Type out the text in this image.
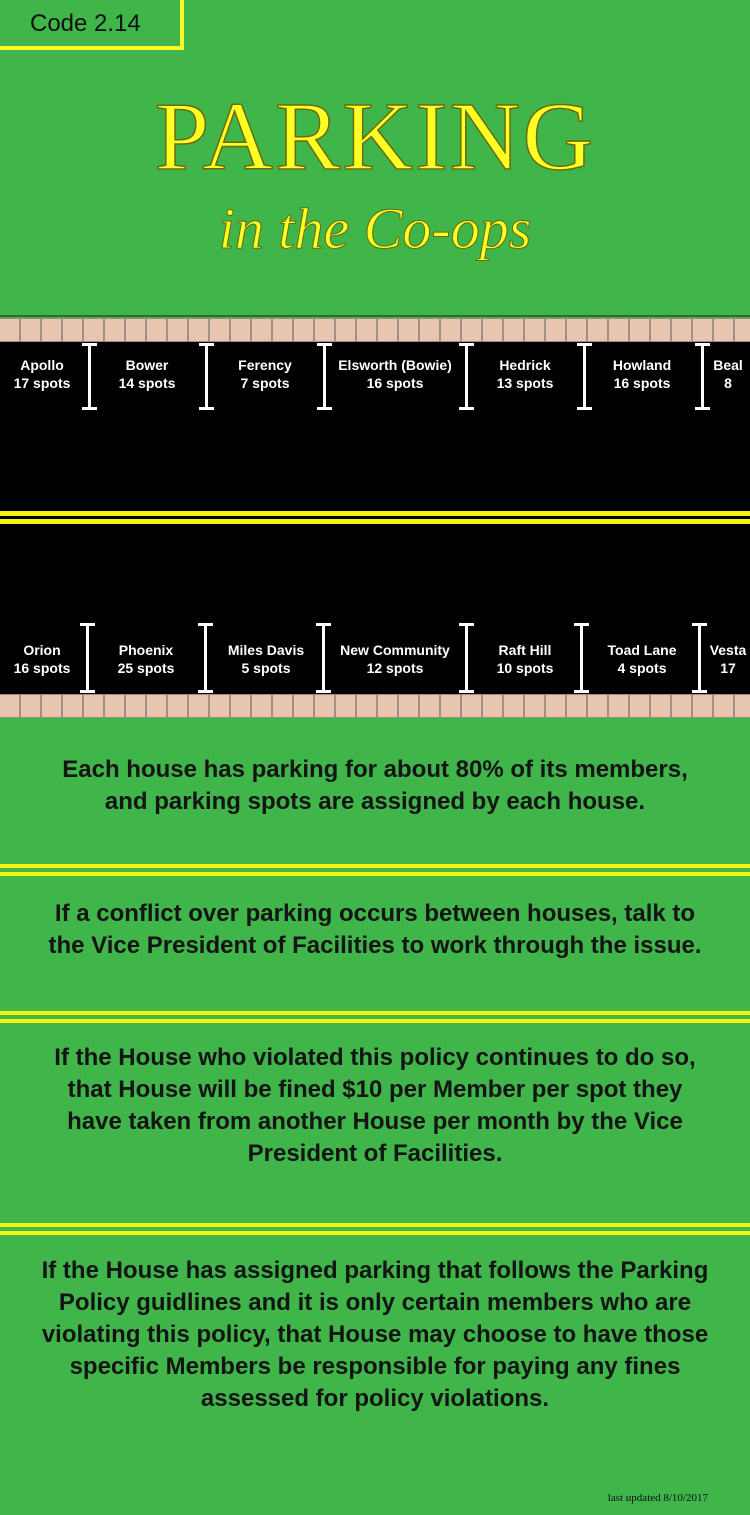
Code 2.14
PARKING
in the Co-ops
Apollo
17 spots
Bower
14 spots
Ferency
7 spots
Elsworth (Bowie)
16 spots
Hedrick
13 spots
Howland
16 spots
Beal
8
Orion
16 spots
Phoenix
25 spots
Miles Davis
5 spots
New Community
12 spots
Raft Hill
10 spots
Toad Lane
4 spots
Vesta
17
Each house has parking for about 80% of its members, and parking spots are assigned by each house.
If a conflict over parking occurs between houses, talk to the Vice President of Facilities to work through the issue.
If the House who violated this policy continues to do so, that House will be fined $10 per Member per spot they have taken from another House per month by the Vice President of Facilities.
If the House has assigned parking that follows the Parking Policy guidlines and it is only certain members who are violating this policy, that House may choose to have those specific Members be responsible for paying any fines assessed for policy violations.
last updated 8/10/2017
